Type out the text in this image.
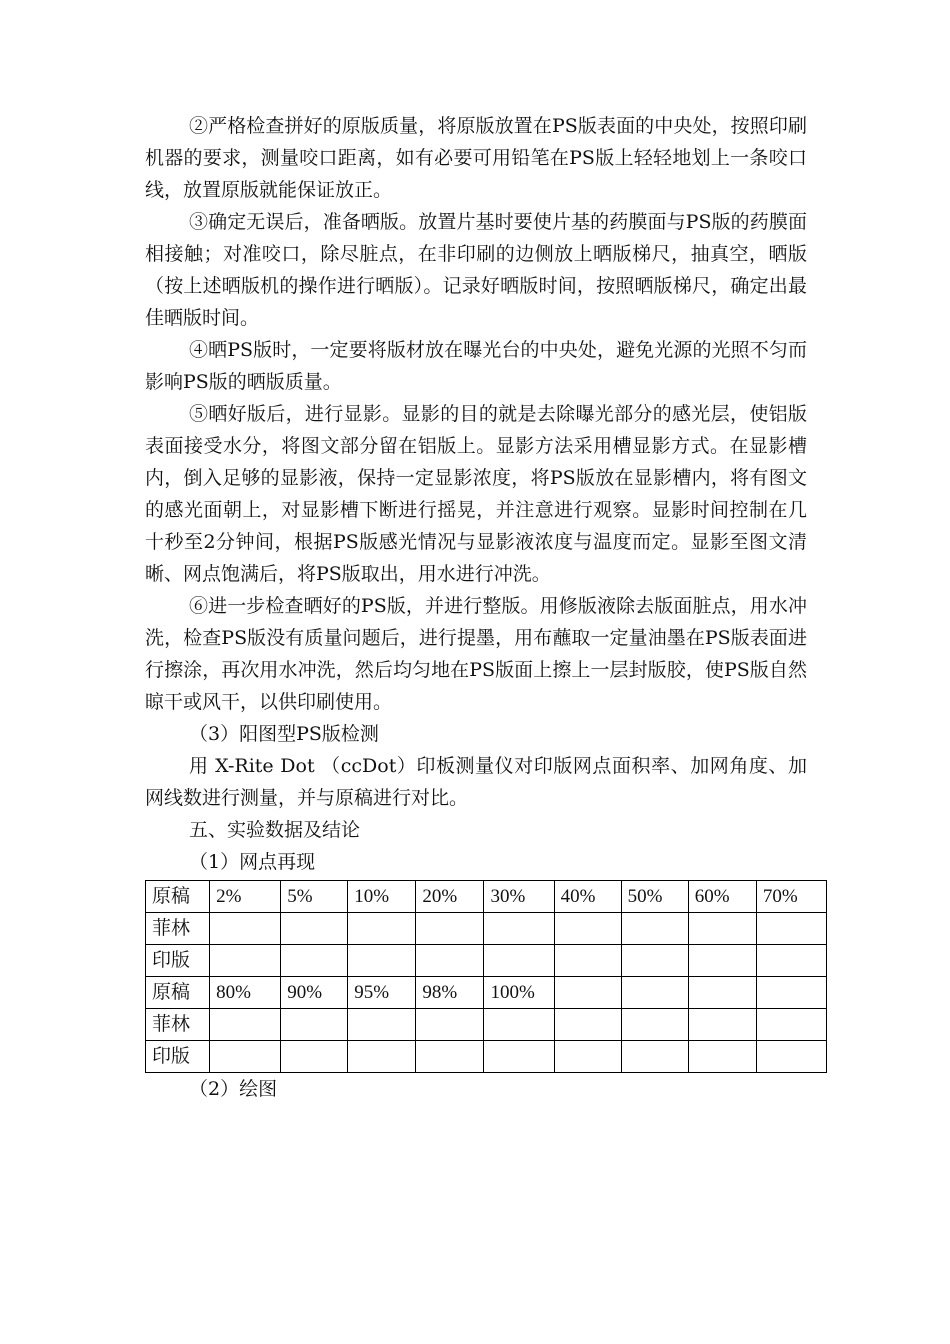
②严格检查拼好的原版质量，将原版放置在PS版表面的中央处，按照印刷机器的要求，测量咬口距离，如有必要可用铅笔在PS版上轻轻地划上一条咬口线，放置原版就能保证放正。

③确定无误后，准备晒版。放置片基时要使片基的药膜面与PS版的药膜面相接触；对准咬口，除尽脏点，在非印刷的边侧放上晒版梯尺，抽真空，晒版（按上述晒版机的操作进行晒版）。记录好晒版时间，按照晒版梯尺，确定出最佳晒版时间。

④晒PS版时，一定要将版材放在曝光台的中央处，避免光源的光照不匀而影响PS版的晒版质量。

⑤晒好版后，进行显影。显影的目的就是去除曝光部分的感光层，使铝版表面接受水分，将图文部分留在铝版上。显影方法采用槽显影方式。在显影槽内，倒入足够的显影液，保持一定显影浓度，将PS版放在显影槽内，将有图文的感光面朝上，对显影槽下断进行摇晃，并注意进行观察。显影时间控制在几十秒至2分钟间，根据PS版感光情况与显影液浓度与温度而定。显影至图文清晰、网点饱满后，将PS版取出，用水进行冲洗。

⑥进一步检查晒好的PS版，并进行整版。用修版液除去版面脏点，用水冲洗，检查PS版没有质量问题后，进行提墨，用布蘸取一定量油墨在PS版表面进行擦涂，再次用水冲洗，然后均匀地在PS版面上擦上一层封版胶，使PS版自然晾干或风干，以供印刷使用。

（3）阳图型PS版检测

用 X-Rite Dot （ccDot）印板测量仪对印版网点面积率、加网角度、加网线数进行测量，并与原稿进行对比。

五、实验数据及结论

（1）网点再现

原稿	2%	5%	10%	20%	30%	40%	50%	60%	70%
菲林									
印版									
原稿	80%	90%	95%	98%	100%				
菲林									
印版									

（2）绘图
